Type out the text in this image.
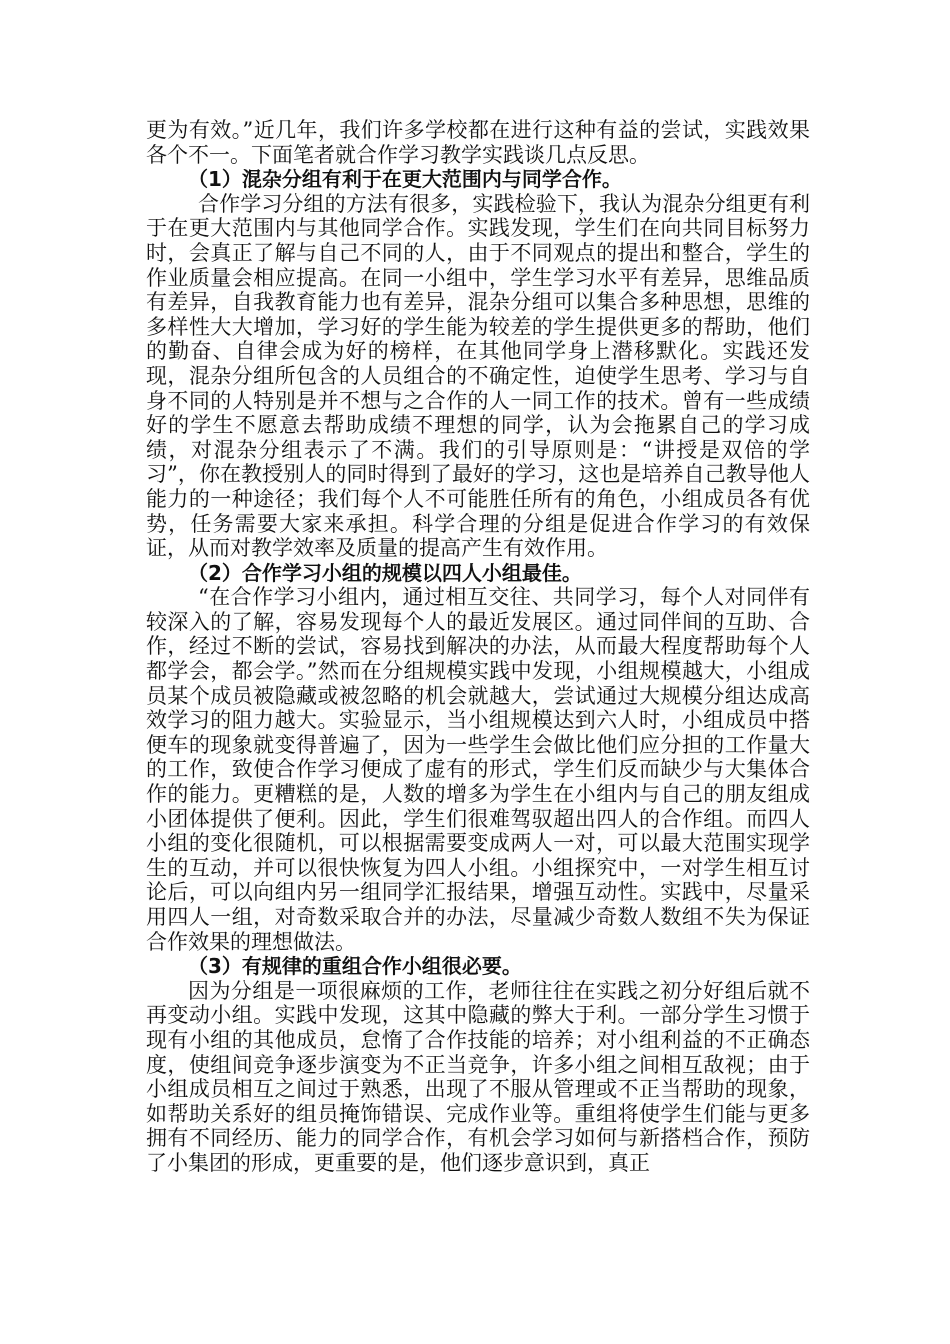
更为有效。”近几年，我们许多学校都在进行这种有益的尝试，实践效果各个不一。下面笔者就合作学习教学实践谈几点反思。

（1）混杂分组有利于在更大范围内与同学合作。

合作学习分组的方法有很多，实践检验下，我认为混杂分组更有利于在更大范围内与其他同学合作。实践发现，学生们在向共同目标努力时，会真正了解与自己不同的人，由于不同观点的提出和整合，学生的作业质量会相应提高。在同一小组中，学生学习水平有差异，思维品质有差异，自我教育能力也有差异，混杂分组可以集合多种思想，思维的多样性大大增加，学习好的学生能为较差的学生提供更多的帮助，他们的勤奋、自律会成为好的榜样，在其他同学身上潜移默化。实践还发现，混杂分组所包含的人员组合的不确定性，迫使学生思考、学习与自身不同的人特别是并不想与之合作的人一同工作的技术。曾有一些成绩好的学生不愿意去帮助成绩不理想的同学，认为会拖累自己的学习成绩，对混杂分组表示了不满。我们的引导原则是：“讲授是双倍的学习”，你在教授别人的同时得到了最好的学习，这也是培养自己教导他人能力的一种途径；我们每个人不可能胜任所有的角色，小组成员各有优势，任务需要大家来承担。科学合理的分组是促进合作学习的有效保证，从而对教学效率及质量的提高产生有效作用。

（2）合作学习小组的规模以四人小组最佳。

“在合作学习小组内，通过相互交往、共同学习，每个人对同伴有较深入的了解，容易发现每个人的最近发展区。通过同伴间的互助、合作，经过不断的尝试，容易找到解决的办法，从而最大程度帮助每个人都学会，都会学。”然而在分组规模实践中发现，小组规模越大，小组成员某个成员被隐藏或被忽略的机会就越大，尝试通过大规模分组达成高效学习的阻力越大。实验显示，当小组规模达到六人时，小组成员中搭便车的现象就变得普遍了，因为一些学生会做比他们应分担的工作量大的工作，致使合作学习便成了虚有的形式，学生们反而缺少与大集体合作的能力。更糟糕的是，人数的增多为学生在小组内与自己的朋友组成小团体提供了便利。因此，学生们很难驾驭超出四人的合作组。而四人小组的变化很随机，可以根据需要变成两人一对，可以最大范围实现学生的互动，并可以很快恢复为四人小组。小组探究中，一对学生相互讨论后，可以向组内另一组同学汇报结果，增强互动性。实践中，尽量采用四人一组，对奇数采取合并的办法，尽量减少奇数人数组不失为保证合作效果的理想做法。

（3）有规律的重组合作小组很必要。

因为分组是一项很麻烦的工作，老师往往在实践之初分好组后就不再变动小组。实践中发现，这其中隐藏的弊大于利。一部分学生习惯于现有小组的其他成员，怠惰了合作技能的培养；对小组利益的不正确态度，使组间竞争逐步演变为不正当竞争，许多小组之间相互敌视；由于小组成员相互之间过于熟悉，出现了不服从管理或不正当帮助的现象，如帮助关系好的组员掩饰错误、完成作业等。重组将使学生们能与更多拥有不同经历、能力的同学合作，有机会学习如何与新搭档合作，预防了小集团的形成，更重要的是，他们逐步意识到，真正
